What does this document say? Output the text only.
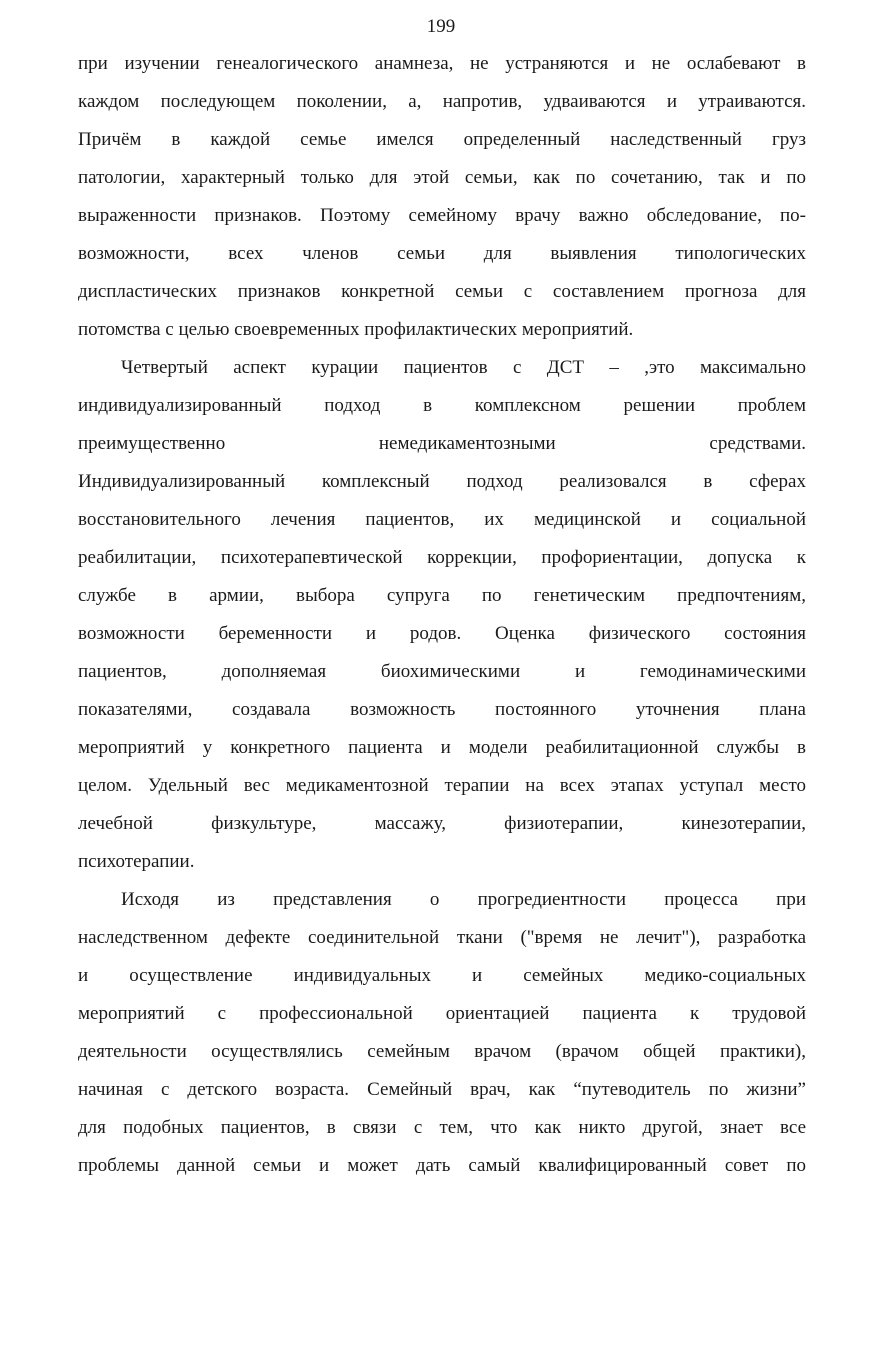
199
при изучении генеалогического анамнеза, не устраняются и не ослабевают в
каждом последующем поколении, а, напротив, удваиваются и утраиваются.
Причём в каждой семье имелся определенный наследственный груз
патологии, характерный только для этой семьи, как по сочетанию, так и по
выраженности признаков. Поэтому семейному врачу важно обследование, по-
возможности, всех членов семьи для выявления типологических
диспластических признаков конкретной семьи с составлением прогноза для
потомства с целью своевременных профилактических мероприятий.
Четвертый аспект курации пациентов с ДСТ – ,это максимально
индивидуализированный подход в комплексном решении проблем
преимущественно немедикаментозными средствами.
Индивидуализированный комплексный подход реализовался в сферах
восстановительного лечения пациентов, их медицинской и социальной
реабилитации, психотерапевтической коррекции, профориентации, допуска к
службе в армии, выбора супруга по генетическим предпочтениям,
возможности беременности и родов. Оценка физического состояния
пациентов, дополняемая биохимическими и гемодинамическими
показателями, создавала возможность постоянного уточнения плана
мероприятий у конкретного пациента и модели реабилитационной службы в
целом. Удельный вес медикаментозной терапии на всех этапах уступал место
лечебной физкультуре, массажу, физиотерапии, кинезотерапии,
психотерапии.
Исходя из представления о прогредиентности процесса при
наследственном дефекте соединительной ткани ("время не лечит"), разработка
и осуществление индивидуальных и семейных медико-социальных
мероприятий с профессиональной ориентацией пациента к трудовой
деятельности осуществлялись семейным врачом (врачом общей практики),
начиная с детского возраста. Семейный врач, как “путеводитель по жизни”
для подобных пациентов, в связи с тем, что как никто другой, знает все
проблемы данной семьи и может дать самый квалифицированный совет по
